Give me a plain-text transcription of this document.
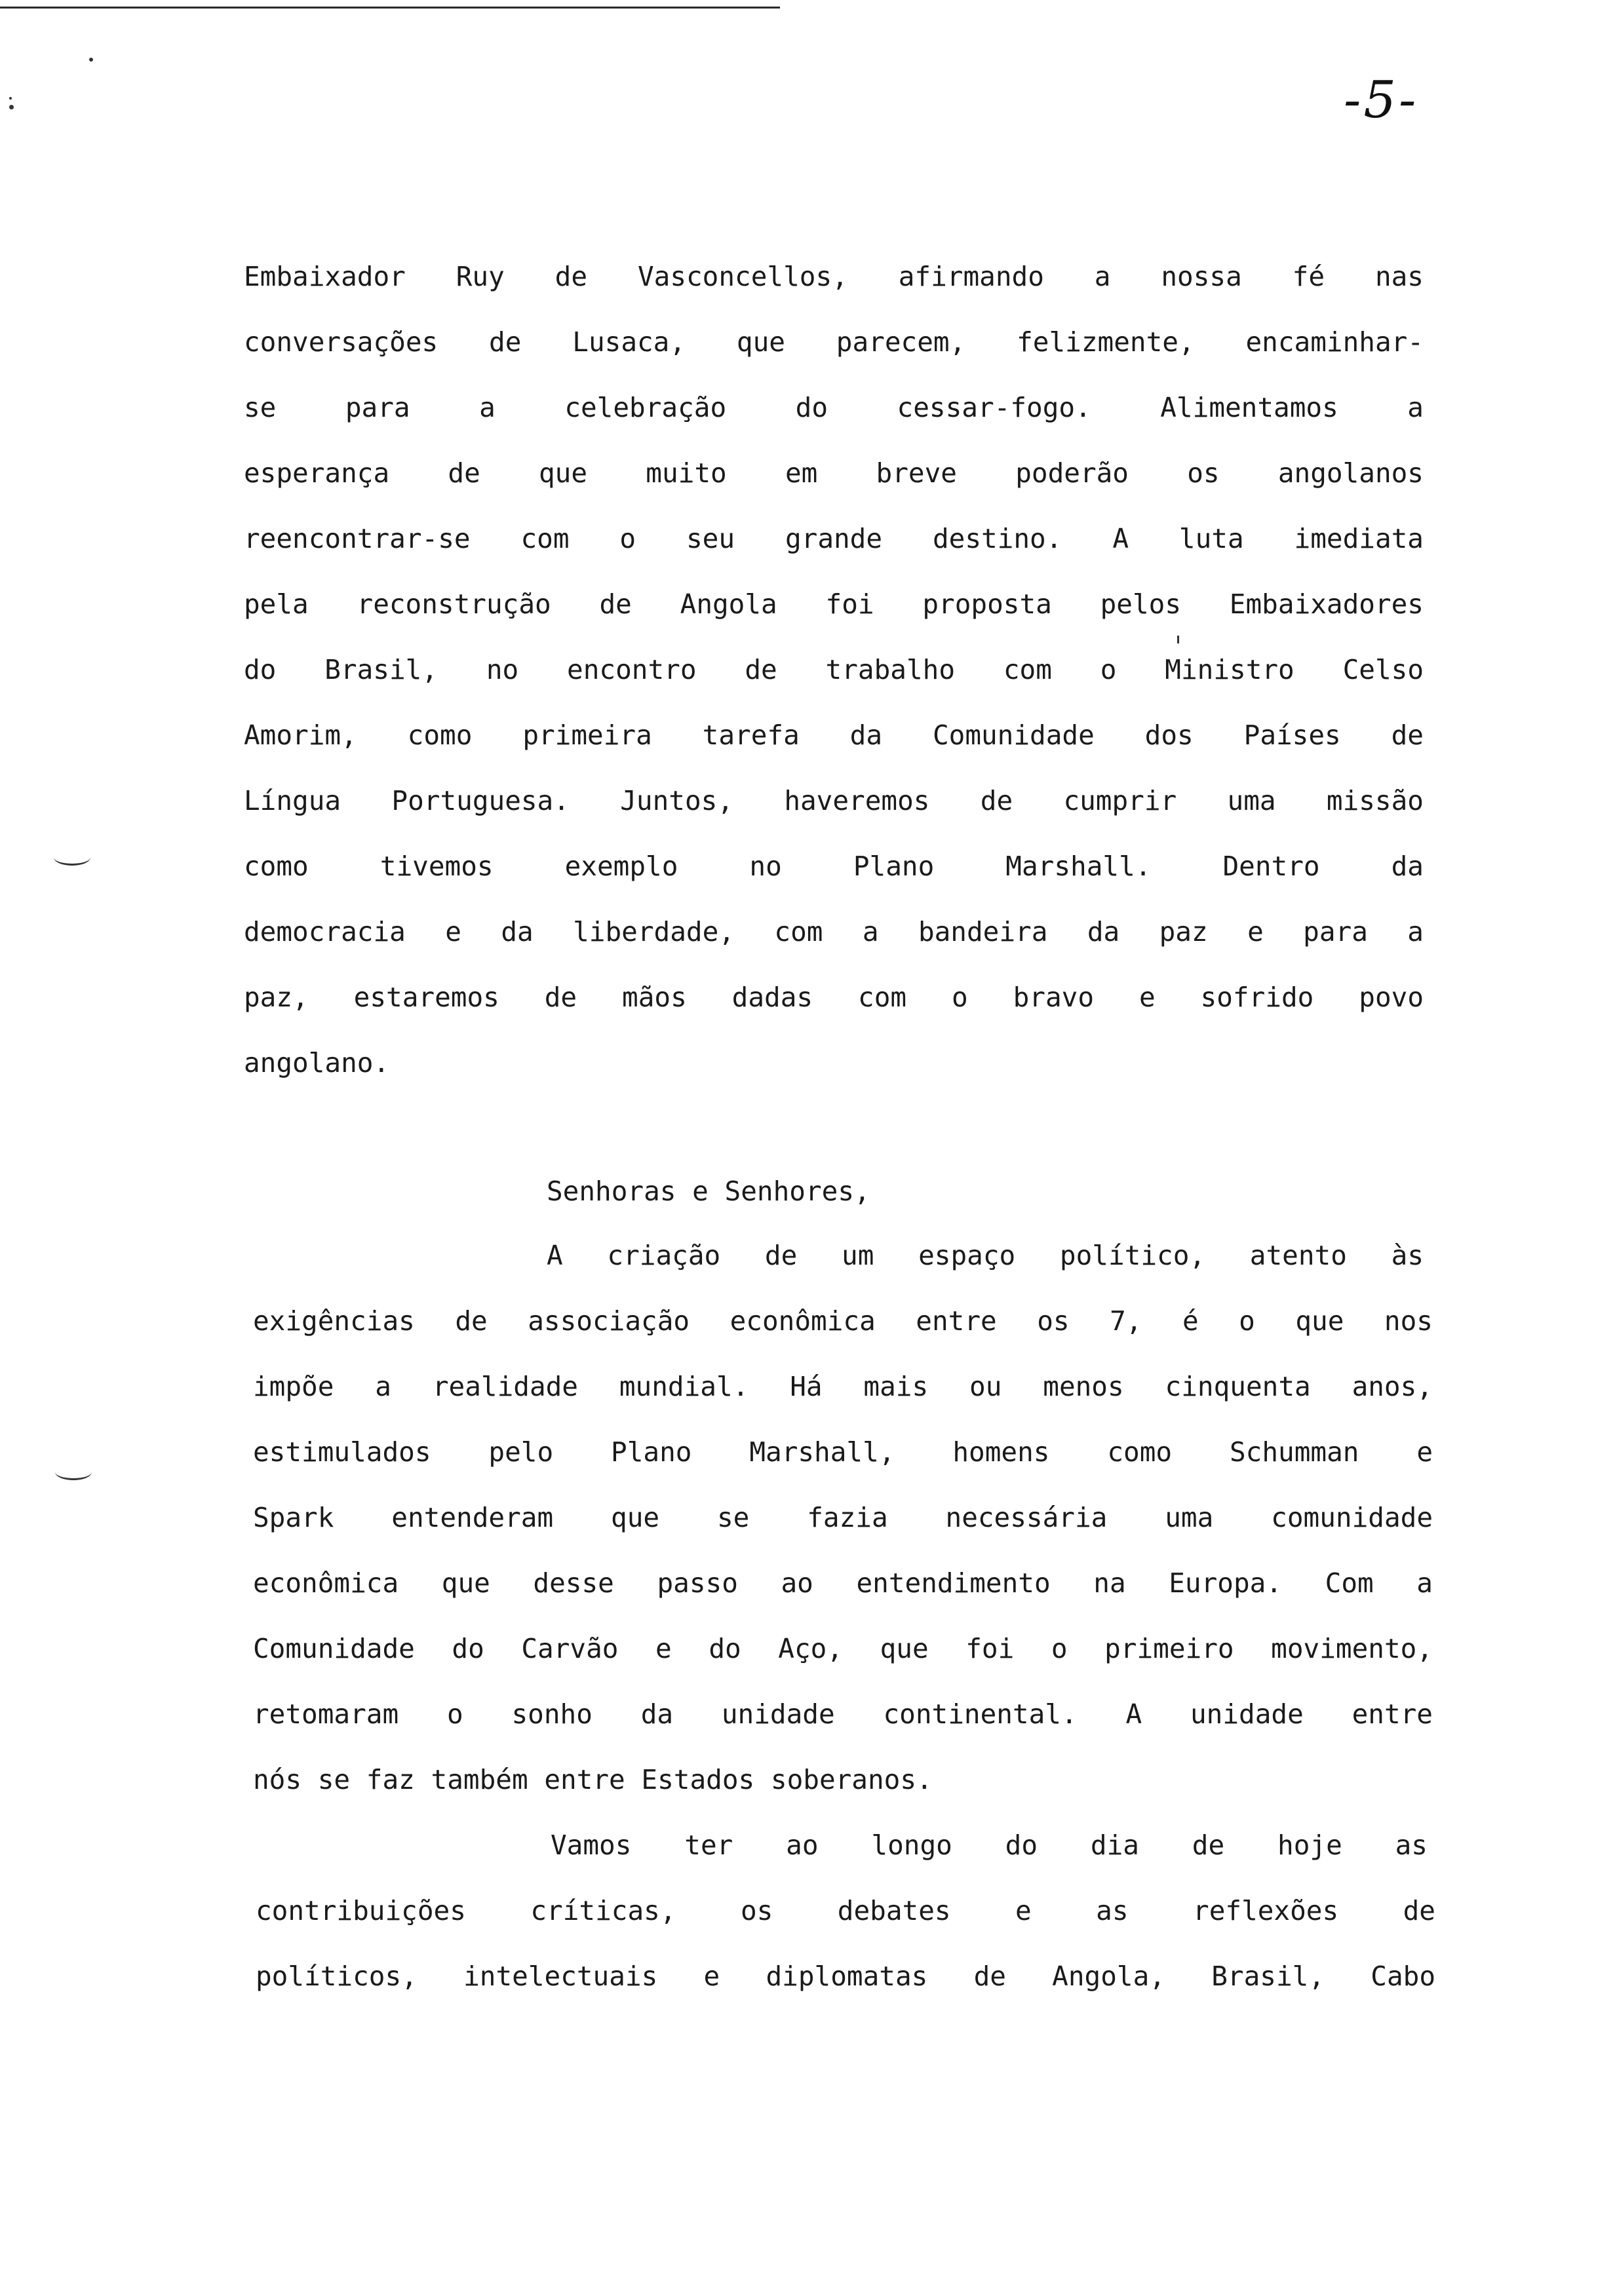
-5-
Embaixador Ruy de Vasconcellos, afirmando a nossa fé nas
conversações de Lusaca, que parecem, felizmente, encaminhar-
se para a celebração do cessar-fogo. Alimentamos a
esperança de que muito em breve poderão os angolanos
reencontrar-se com o seu grande destino. A luta imediata
pela reconstrução de Angola foi proposta pelos Embaixadores
do Brasil, no encontro de trabalho com o Ministro Celso
Amorim, como primeira tarefa da Comunidade dos Países de
Língua Portuguesa. Juntos, haveremos de cumprir uma missão
como tivemos exemplo no Plano Marshall. Dentro da
democracia e da liberdade, com a bandeira da paz e para a
paz, estaremos de mãos dadas com o bravo e sofrido povo
angolano.
Senhoras e Senhores,
A criação de um espaço político, atento às
exigências de associação econômica entre os 7, é o que nos
impõe a realidade mundial. Há mais ou menos cinquenta anos,
estimulados pelo Plano Marshall, homens como Schumman e
Spark entenderam que se fazia necessária uma comunidade
econômica que desse passo ao entendimento na Europa. Com a
Comunidade do Carvão e do Aço, que foi o primeiro movimento,
retomaram o sonho da unidade continental. A unidade entre
nós se faz também entre Estados soberanos.
Vamos ter ao longo do dia de hoje as
contribuições críticas, os debates e as reflexões de
políticos, intelectuais e diplomatas de Angola, Brasil, Cabo
